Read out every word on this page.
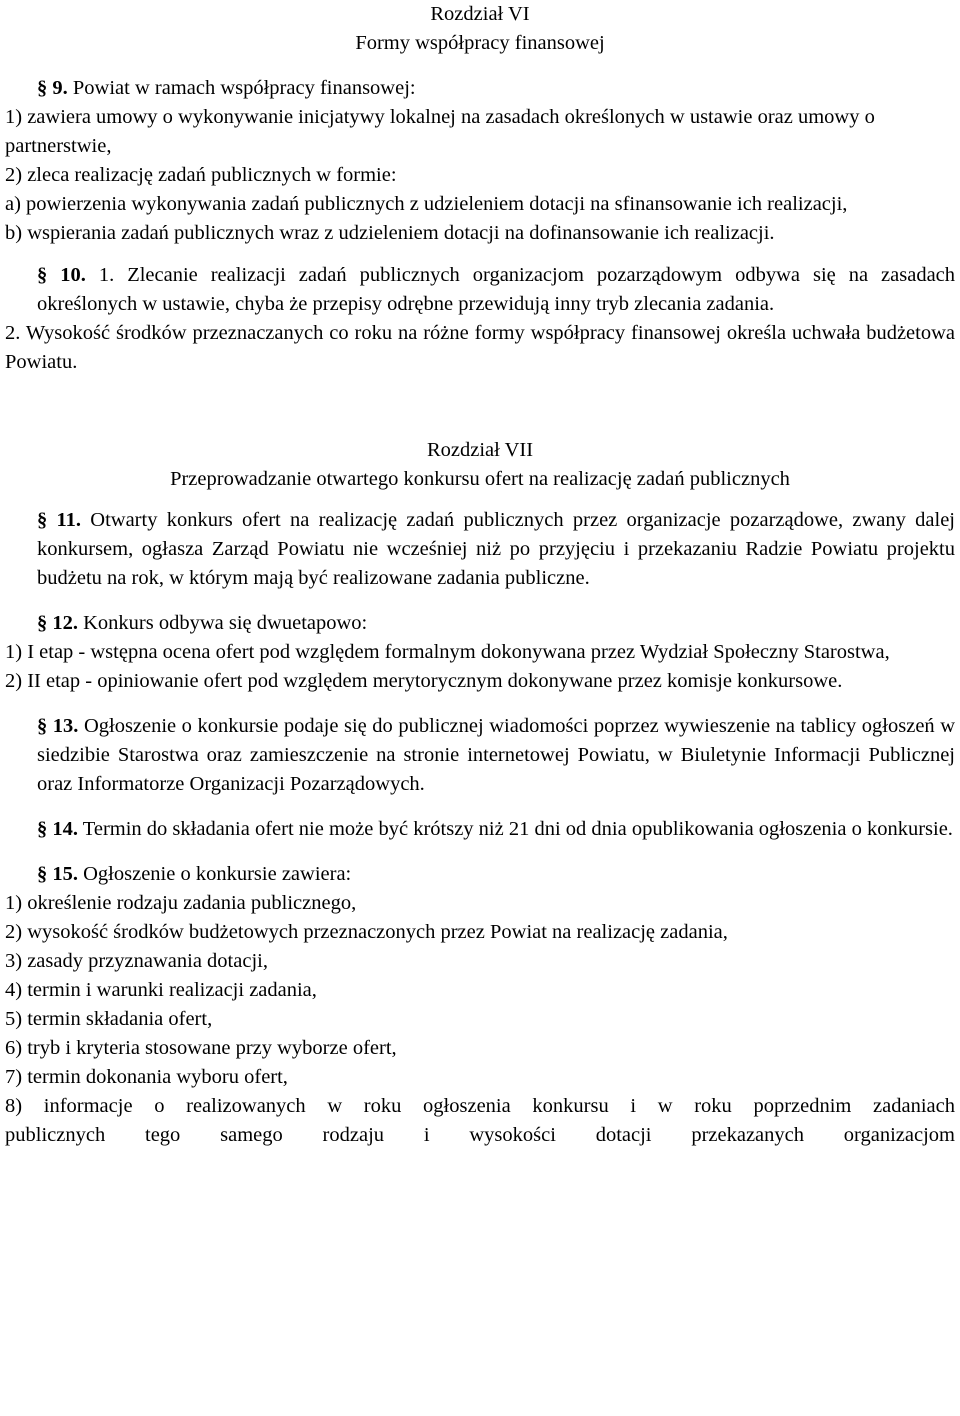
Rozdział VI

Formy współpracy finansowej

§ 9. Powiat w ramach współpracy finansowej:

1) zawiera umowy o wykonywanie inicjatywy lokalnej na zasadach określonych w ustawie oraz umowy o partnerstwie,

2) zleca realizację zadań publicznych w formie:

a) powierzenia wykonywania zadań publicznych z udzieleniem dotacji na sfinansowanie ich realizacji,

b) wspierania zadań publicznych wraz z udzieleniem dotacji na dofinansowanie ich realizacji.

§ 10. 1. Zlecanie realizacji zadań publicznych organizacjom pozarządowym odbywa się na zasadach określonych w ustawie, chyba że przepisy odrębne przewidują inny tryb zlecania zadania.

2. Wysokość środków przeznaczanych co roku na różne formy współpracy finansowej określa uchwała budżetowa Powiatu.

Rozdział VII

Przeprowadzanie otwartego konkursu ofert na realizację zadań publicznych

§ 11. Otwarty konkurs ofert na realizację zadań publicznych przez organizacje pozarządowe, zwany dalej konkursem, ogłasza Zarząd Powiatu nie wcześniej niż po przyjęciu i przekazaniu Radzie Powiatu projektu budżetu na rok, w którym mają być realizowane zadania publiczne.

§ 12. Konkurs odbywa się dwuetapowo:

1) I etap - wstępna ocena ofert pod względem formalnym dokonywana przez Wydział Społeczny Starostwa,

2) II etap - opiniowanie ofert pod względem merytorycznym dokonywane przez komisje konkursowe.

§ 13. Ogłoszenie o konkursie podaje się do publicznej wiadomości poprzez wywieszenie na tablicy ogłoszeń w siedzibie Starostwa oraz zamieszczenie na stronie internetowej Powiatu, w Biuletynie Informacji Publicznej oraz Informatorze Organizacji Pozarządowych.

§ 14. Termin do składania ofert nie może być krótszy niż 21 dni od dnia opublikowania ogłoszenia o konkursie.

§ 15. Ogłoszenie o konkursie zawiera:

1) określenie rodzaju zadania publicznego,

2) wysokość środków budżetowych przeznaczonych przez Powiat na realizację zadania,

3) zasady przyznawania dotacji,

4) termin i warunki realizacji zadania,

5) termin składania ofert,

6) tryb i kryteria stosowane przy wyborze ofert,

7) termin dokonania wyboru ofert,

8) informacje o realizowanych w roku ogłoszenia konkursu i w roku poprzednim zadaniach

publicznych tego samego rodzaju i wysokości dotacji przekazanych organizacjom
